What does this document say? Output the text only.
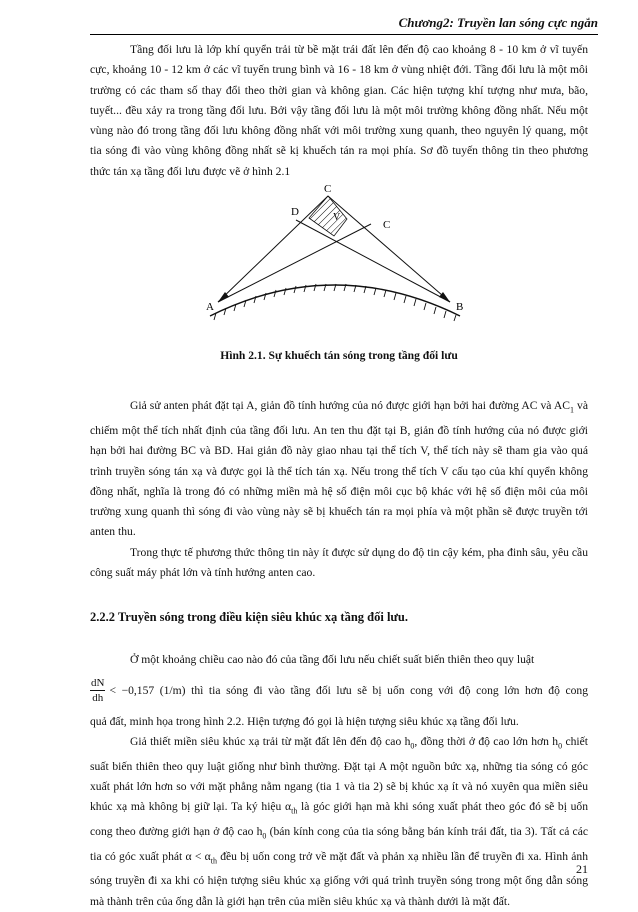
Chương2: Truyền lan sóng cực ngắn

Tầng đối lưu là lớp khí quyển trải từ bề mặt trái đất lên đến độ cao khoảng 8 - 10 km ở vĩ tuyến cực, khoảng 10 - 12 km ở các vĩ tuyến trung bình và 16 - 18 km ở vùng nhiệt đới. Tầng đối lưu là một môi trường có các tham số thay đổi theo thời gian và không gian. Các hiện tượng khí tượng như mưa, bão, tuyết... đều xảy ra trong tầng đối lưu. Bởi vậy tầng đối lưu là một môi trường không đồng nhất. Nếu một vùng nào đó trong tầng đối lưu không đồng nhất với môi trường xung quanh, theo nguyên lý quang, một tia sóng đi vào vùng không đồng nhất sẽ kị khuếch tán ra mọi phía. Sơ đồ tuyến thông tin theo phương thức tán xạ tầng đối lưu được vẽ ở hình 2.1

C
D	V
C
A	B
Hình 2.1. Sự khuếch tán sóng trong tầng đối lưu

Giả sử anten phát đặt tại A, giản đồ tính hướng của nó được giới hạn bởi hai đường AC và $AC_1$ và chiếm một thể tích nhất định của tầng đối lưu. An ten thu đặt tại B, giản đồ tính hướng của nó được giới hạn bởi hai đường BC và BD. Hai giản đồ này giao nhau tại thể tích V, thể tích này sẽ tham gia vào quá trình truyền sóng tán xạ và được gọi là thể tích tán xạ. Nếu trong thể tích V cấu tạo của khí quyển không đồng nhất, nghĩa là trong đó có những miền mà hệ số điện môi cục bộ khác với hệ số điện môi của môi trường xung quanh thì sóng đi vào vùng này sẽ bị khuếch tán ra mọi phía và một phần sẽ được truyền tới anten thu.

Trong thực tế phương thức thông tin này ít được sử dụng do độ tin cậy kém, pha đinh sâu, yêu cầu công suất máy phát lớn và tính hướng anten cao.

2.2.2 Truyền sóng trong điều kiện siêu khúc xạ tầng đối lưu.

Ở một khoảng chiều cao nào đó của tầng đối lưu nếu chiết suất biến thiên theo quy luật

$\frac{dN}{dh} < -0,157$ (1/m) thì tia sóng đi vào tầng đối lưu sẽ bị uốn cong với độ cong lớn hơn độ cong

quả đất, minh họa trong hình 2.2. Hiện tượng đó gọi là hiện tượng siêu khúc xạ tầng đối lưu.

Giả thiết miền siêu khúc xạ trải từ mặt đất lên đến độ cao $h_0$, đồng thời ở độ cao lớn hơn $h_0$ chiết suất biến thiên theo quy luật giống như bình thường. Đặt tại A một nguồn bức xạ, những tia sóng có góc xuất phát lớn hơn so với mặt phẳng nằm ngang (tia 1 và tia 2) sẽ bị khúc xạ ít và nó xuyên qua miền siêu khúc xạ mà không bị giữ lại. Ta ký hiệu $\alpha_{th}$ là góc giới hạn mà khi sóng xuất phát theo góc đó sẽ bị uốn cong theo đường giới hạn ở độ cao $h_0$ (bán kính cong của tia sóng bằng bán kính trái đất, tia 3). Tất cả các tia có góc xuất phát $\alpha < \alpha_{th}$ đều bị uốn cong trở về mặt đất và phản xạ nhiều lần để truyền đi xa. Hình ảnh sóng truyền đi xa khi có hiện tượng siêu khúc xạ giống với quá trình truyền sóng trong một ống dẫn sóng mà thành trên của ống dẫn là giới hạn trên của miền siêu khúc xạ và thành dưới là mặt đất.

21
